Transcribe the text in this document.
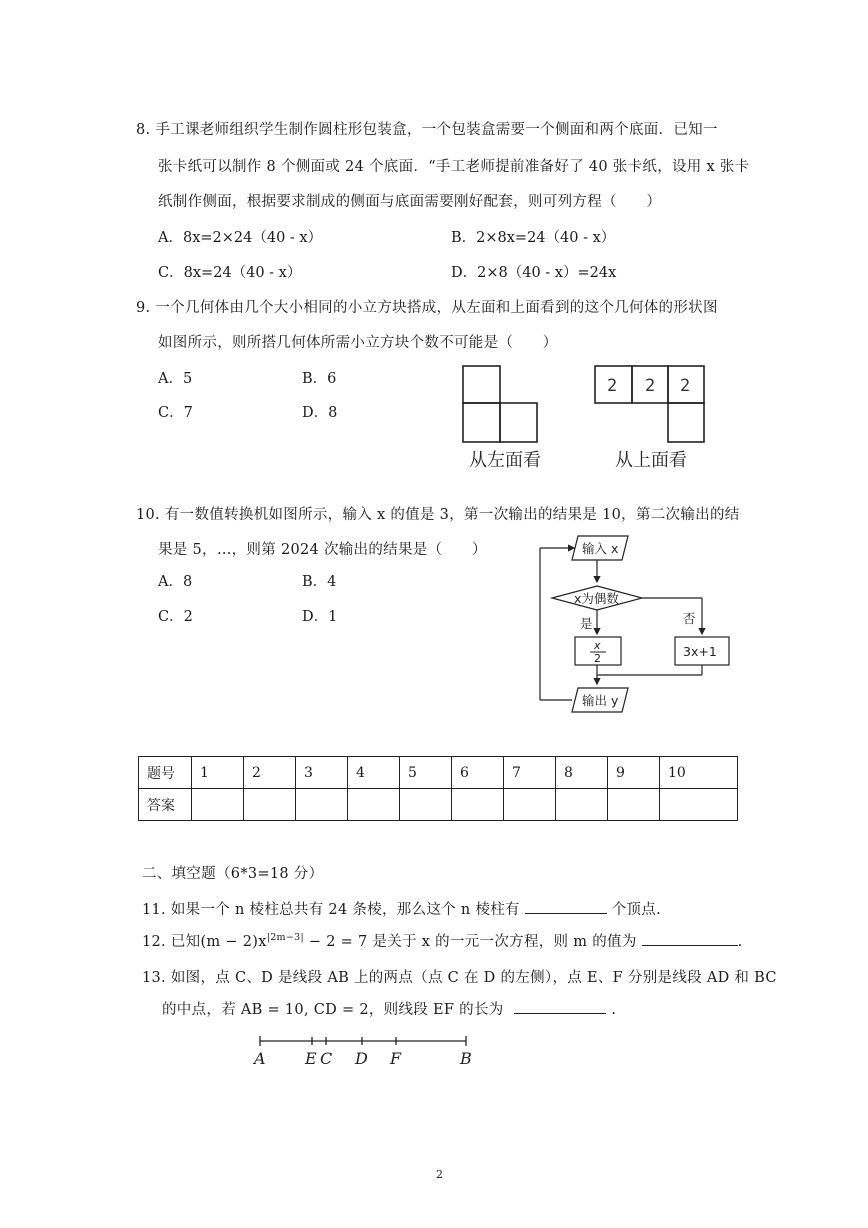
8. 手工课老师组织学生制作圆柱形包装盒，一个包装盒需要一个侧面和两个底面．已知一
张卡纸可以制作 8 个侧面或 24 个底面．“手工老师提前准备好了 40 张卡纸，设用 x 张卡
纸制作侧面，根据要求制成的侧面与底面需要刚好配套，则可列方程（　　）
A．8x=2×24（40 - x）	B．2×8x=24（40 - x）
C．8x=24（40 - x）	D．2×8（40 - x）=24x
9. 一个几何体由几个大小相同的小立方块搭成，从左面和上面看到的这个几何体的形状图
如图所示，则所搭几何体所需小立方块个数不可能是（　　）
A．5	B．6
C．7	D．8
从左面看
2 2 2
从上面看
10. 有一数值转换机如图所示，输入 x 的值是 3，第一次输出的结果是 10，第二次输出的结
果是 5，…，则第 2024 次输出的结果是（　　）
A．8	B．4
C．2	D．1
输入 x
x为偶数
是	否
x
2	3x+1
输出 y
题号	1	2	3	4	5	6	7	8	9	10
答案										
二、填空题（6*3=18 分）
11. 如果一个 n 棱柱总共有 24 条棱，那么这个 n 棱柱有	个顶点.
12. 已知$(m - 2)x^{|2m-3|} - 2 = 7$ 是关于 x 的一元一次方程，则 m 的值为	.
13. 如图，点 C、D 是线段 AB 上的两点（点 C 在 D 的左侧），点 E、F 分别是线段 AD 和 BC
的中点，若 AB = 10, CD = 2，则线段 EF 的长为	.
A E C D F	B
2
